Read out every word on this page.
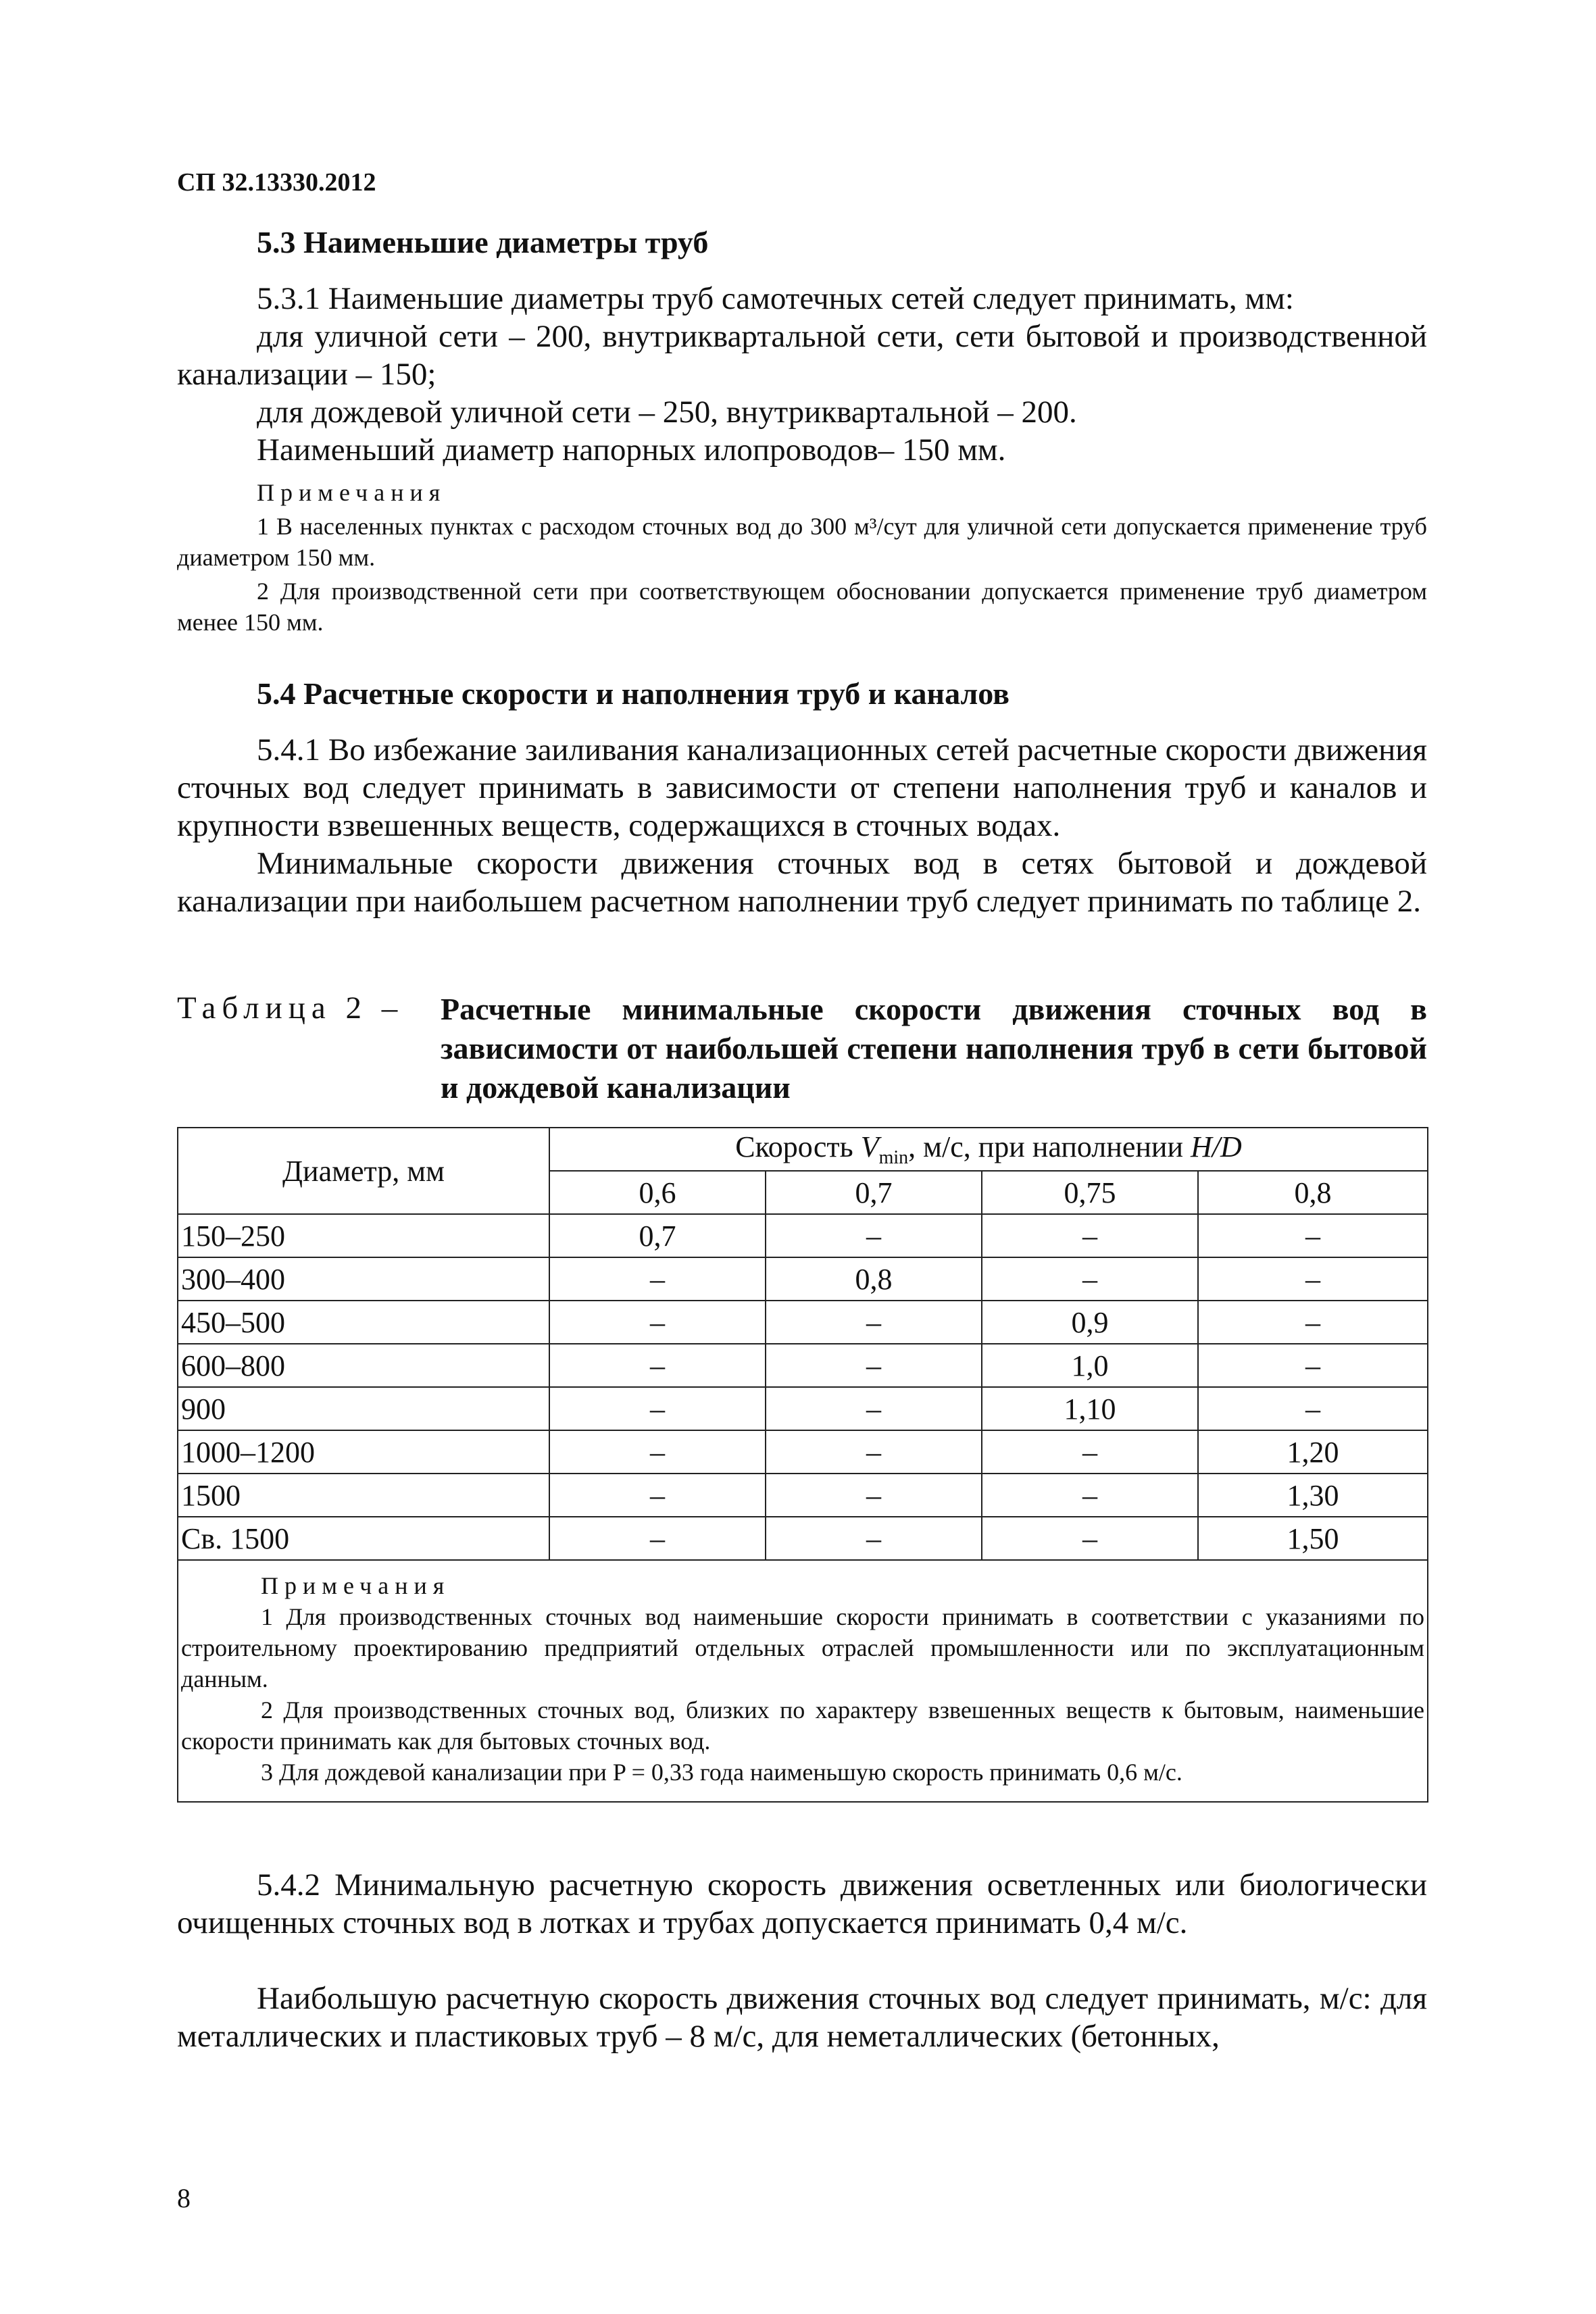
СП 32.13330.2012
5.3 Наименьшие диаметры труб
5.3.1 Наименьшие диаметры труб самотечных сетей следует принимать, мм:
для уличной сети – 200, внутриквартальной сети, сети бытовой и производственной канализации – 150;
для дождевой уличной сети – 250, внутриквартальной – 200.
Наименьший диаметр напорных илопроводов– 150 мм.
Примечания
1 В населенных пунктах с расходом сточных вод до 300 м³/сут для уличной сети допускается применение труб диаметром 150 мм.
2 Для производственной сети при соответствующем обосновании допускается применение труб диаметром менее 150 мм.
5.4 Расчетные скорости и наполнения труб и каналов
5.4.1 Во избежание заиливания канализационных сетей расчетные скорости движения сточных вод следует принимать в зависимости от степени наполнения труб и каналов и крупности взвешенных веществ, содержащихся в сточных водах.
Минимальные скорости движения сточных вод в сетях бытовой и дождевой канализации при наибольшем расчетном наполнении труб следует принимать по таблице 2.
Таблица 2 – Расчетные минимальные скорости движения сточных вод в зависимости от наибольшей степени наполнения труб в сети бытовой и дождевой канализации
Диаметр, мм	Скорость $V_{min}$, м/с, при наполнении H/D			
	0,6	0,7	0,75	0,8
150–250	0,7	–	–	–
300–400	–	0,8	–	–
450–500	–	–	0,9	–
600–800	–	–	1,0	–
900	–	–	1,10	–
1000–1200	–	–	–	1,20
1500	–	–	–	1,30
Св. 1500	–	–	–	1,50

Примечания
1 Для производственных сточных вод наименьшие скорости принимать в соответствии с указаниями по строительному проектированию предприятий отдельных отраслей промышленности или по эксплуатационным данным.
2 Для производственных сточных вод, близких по характеру взвешенных веществ к бытовым, наименьшие скорости принимать как для бытовых сточных вод.
3 Для дождевой канализации при P = 0,33 года наименьшую скорость принимать 0,6 м/с.				
5.4.2 Минимальную расчетную скорость движения осветленных или биологически очищенных сточных вод в лотках и трубах допускается принимать 0,4 м/с.
Наибольшую расчетную скорость движения сточных вод следует принимать, м/с: для металлических и пластиковых труб – 8 м/с, для неметаллических (бетонных,
8
